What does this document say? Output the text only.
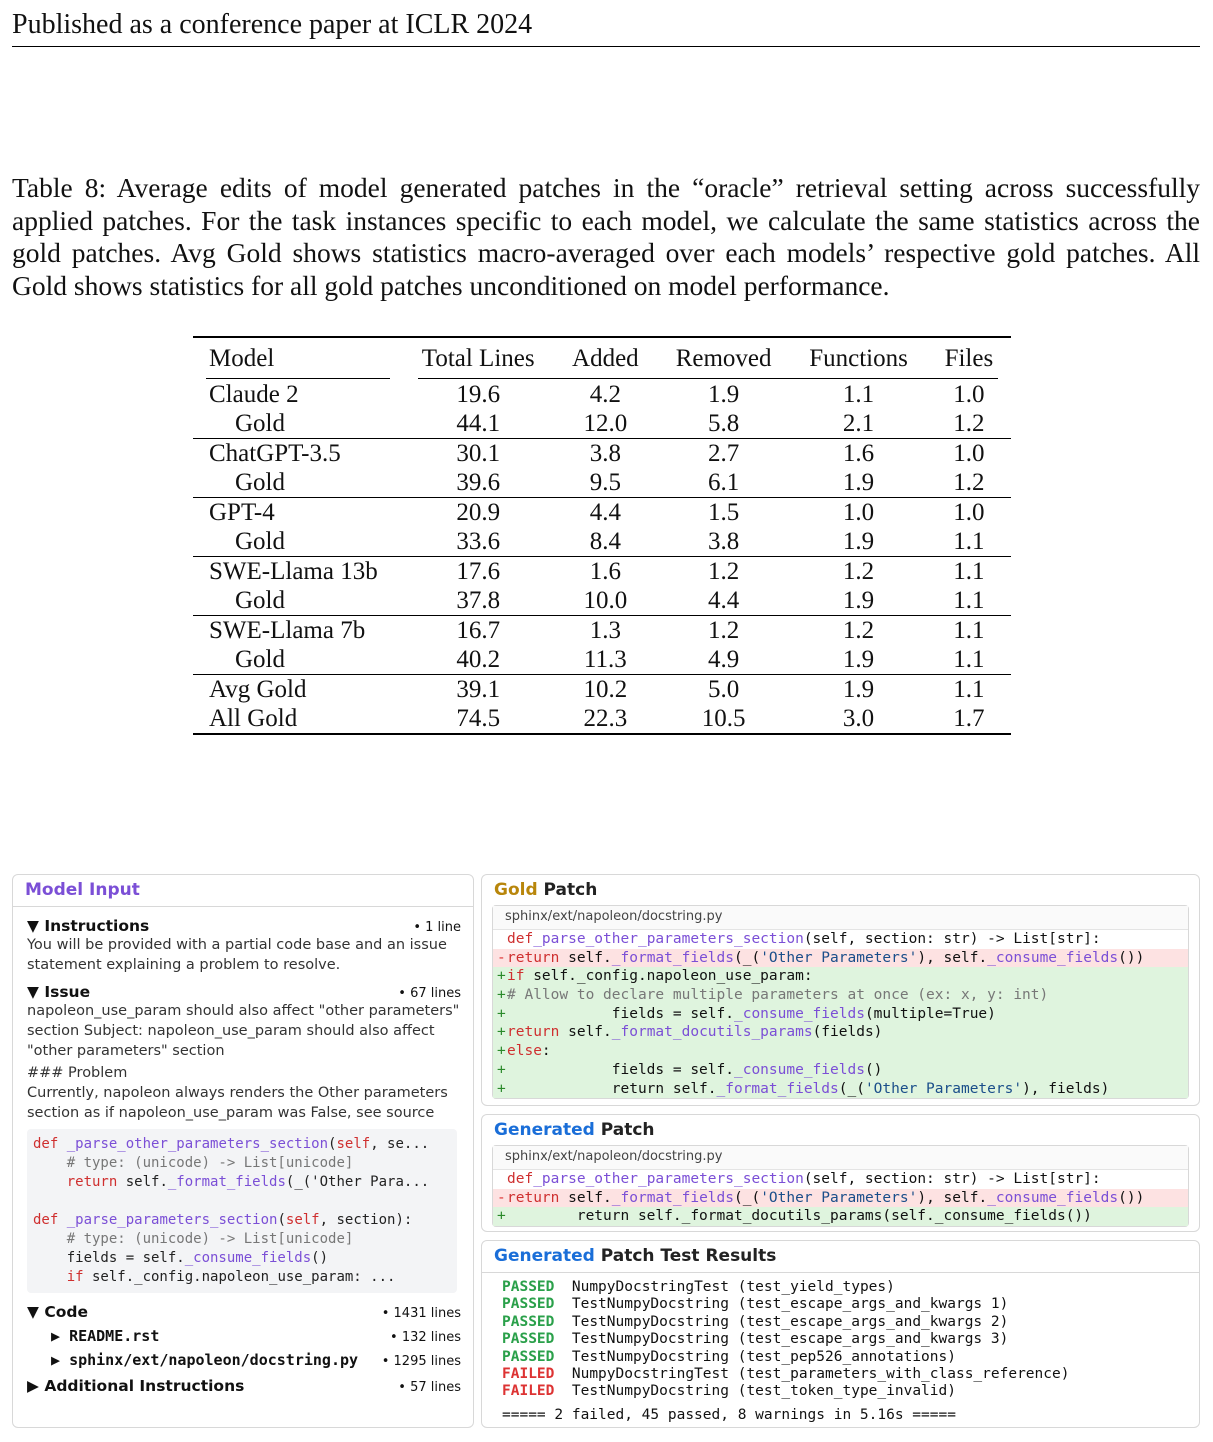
Published as a conference paper at ICLR 2024
Table 8: Average edits of model generated patches in the “oracle” retrieval setting across successfully applied patches. For the task instances specific to each model, we calculate the same statistics across the gold patches. Avg Gold shows statistics macro-averaged over each models’ respective gold patches. All Gold shows statistics for all gold patches unconditioned on model performance.
Model	Total Lines	Added	Removed	Functions	Files
Claude 2	19.6	4.2	1.9	1.1	1.0
Gold	44.1	12.0	5.8	2.1	1.2
ChatGPT-3.5	30.1	3.8	2.7	1.6	1.0
Gold	39.6	9.5	6.1	1.9	1.2
GPT-4	20.9	4.4	1.5	1.0	1.0
Gold	33.6	8.4	3.8	1.9	1.1
SWE-Llama 13b	17.6	1.6	1.2	1.2	1.1
Gold	37.8	10.0	4.4	1.9	1.1
SWE-Llama 7b	16.7	1.3	1.2	1.2	1.1
Gold	40.2	11.3	4.9	1.9	1.1
Avg Gold	39.1	10.2	5.0	1.9	1.1
All Gold	74.5	22.3	10.5	3.0	1.7
Model Input
▼ Instructions	• 1 line
You will be provided with a partial code base and an issue statement explaining a problem to resolve.
▼ Issue	• 67 lines
napoleon_use_param should also affect "other parameters" section Subject: napoleon_use_param should also affect "other parameters" section
### Problem
Currently, napoleon always renders the Other parameters section as if napoleon_use_param was False, see source
def _parse_other_parameters_section(self, se...
# type: (unicode) -> List[unicode]
return self._format_fields(_('Other Para...

def _parse_parameters_section(self, section):
# type: (unicode) -> List[unicode]
fields = self._consume_fields()
if self._config.napoleon_use_param: ...
▼ Code	• 1431 lines
▶ README.rst	• 132 lines
▶ sphinx/ext/napoleon/docstring.py • 1295 lines
▶ Additional Instructions	• 57 lines
Gold Patch
sphinx/ext/napoleon/docstring.py

def _parse_other_parameters_section (self, section: str) -> List[str]:
- return self. _format_fields (_( 'Other Parameters' ), self. _consume_fields ())
+ if self._config.napoleon_use_param:
+ # Allow to declare multiple parameters at once (ex: x, y: int)
+ fields = self. _consume_fields (multiple=True)
+ return self. _format_docutils_params (fields)
+ else :
+ fields = self. _consume_fields ()
+ return self. _format_fields (_( 'Other Parameters' ), fields)
Generated Patch
sphinx/ext/napoleon/docstring.py

def _parse_other_parameters_section (self, section: str) -> List[str]:
- return self. _format_fields (_( 'Other Parameters' ), self. _consume_fields ())
+ return self._format_docutils_params(self._consume_fields())
Generated Patch Test Results
PASSED NumpyDocstringTest (test_yield_types)
PASSED TestNumpyDocstring (test_escape_args_and_kwargs 1)
PASSED TestNumpyDocstring (test_escape_args_and_kwargs 2)
PASSED TestNumpyDocstring (test_escape_args_and_kwargs 3)
PASSED TestNumpyDocstring (test_pep526_annotations)
FAILED NumpyDocstringTest (test_parameters_with_class_reference)
FAILED TestNumpyDocstring (test_token_type_invalid)
===== 2 failed, 45 passed, 8 warnings in 5.16s =====
